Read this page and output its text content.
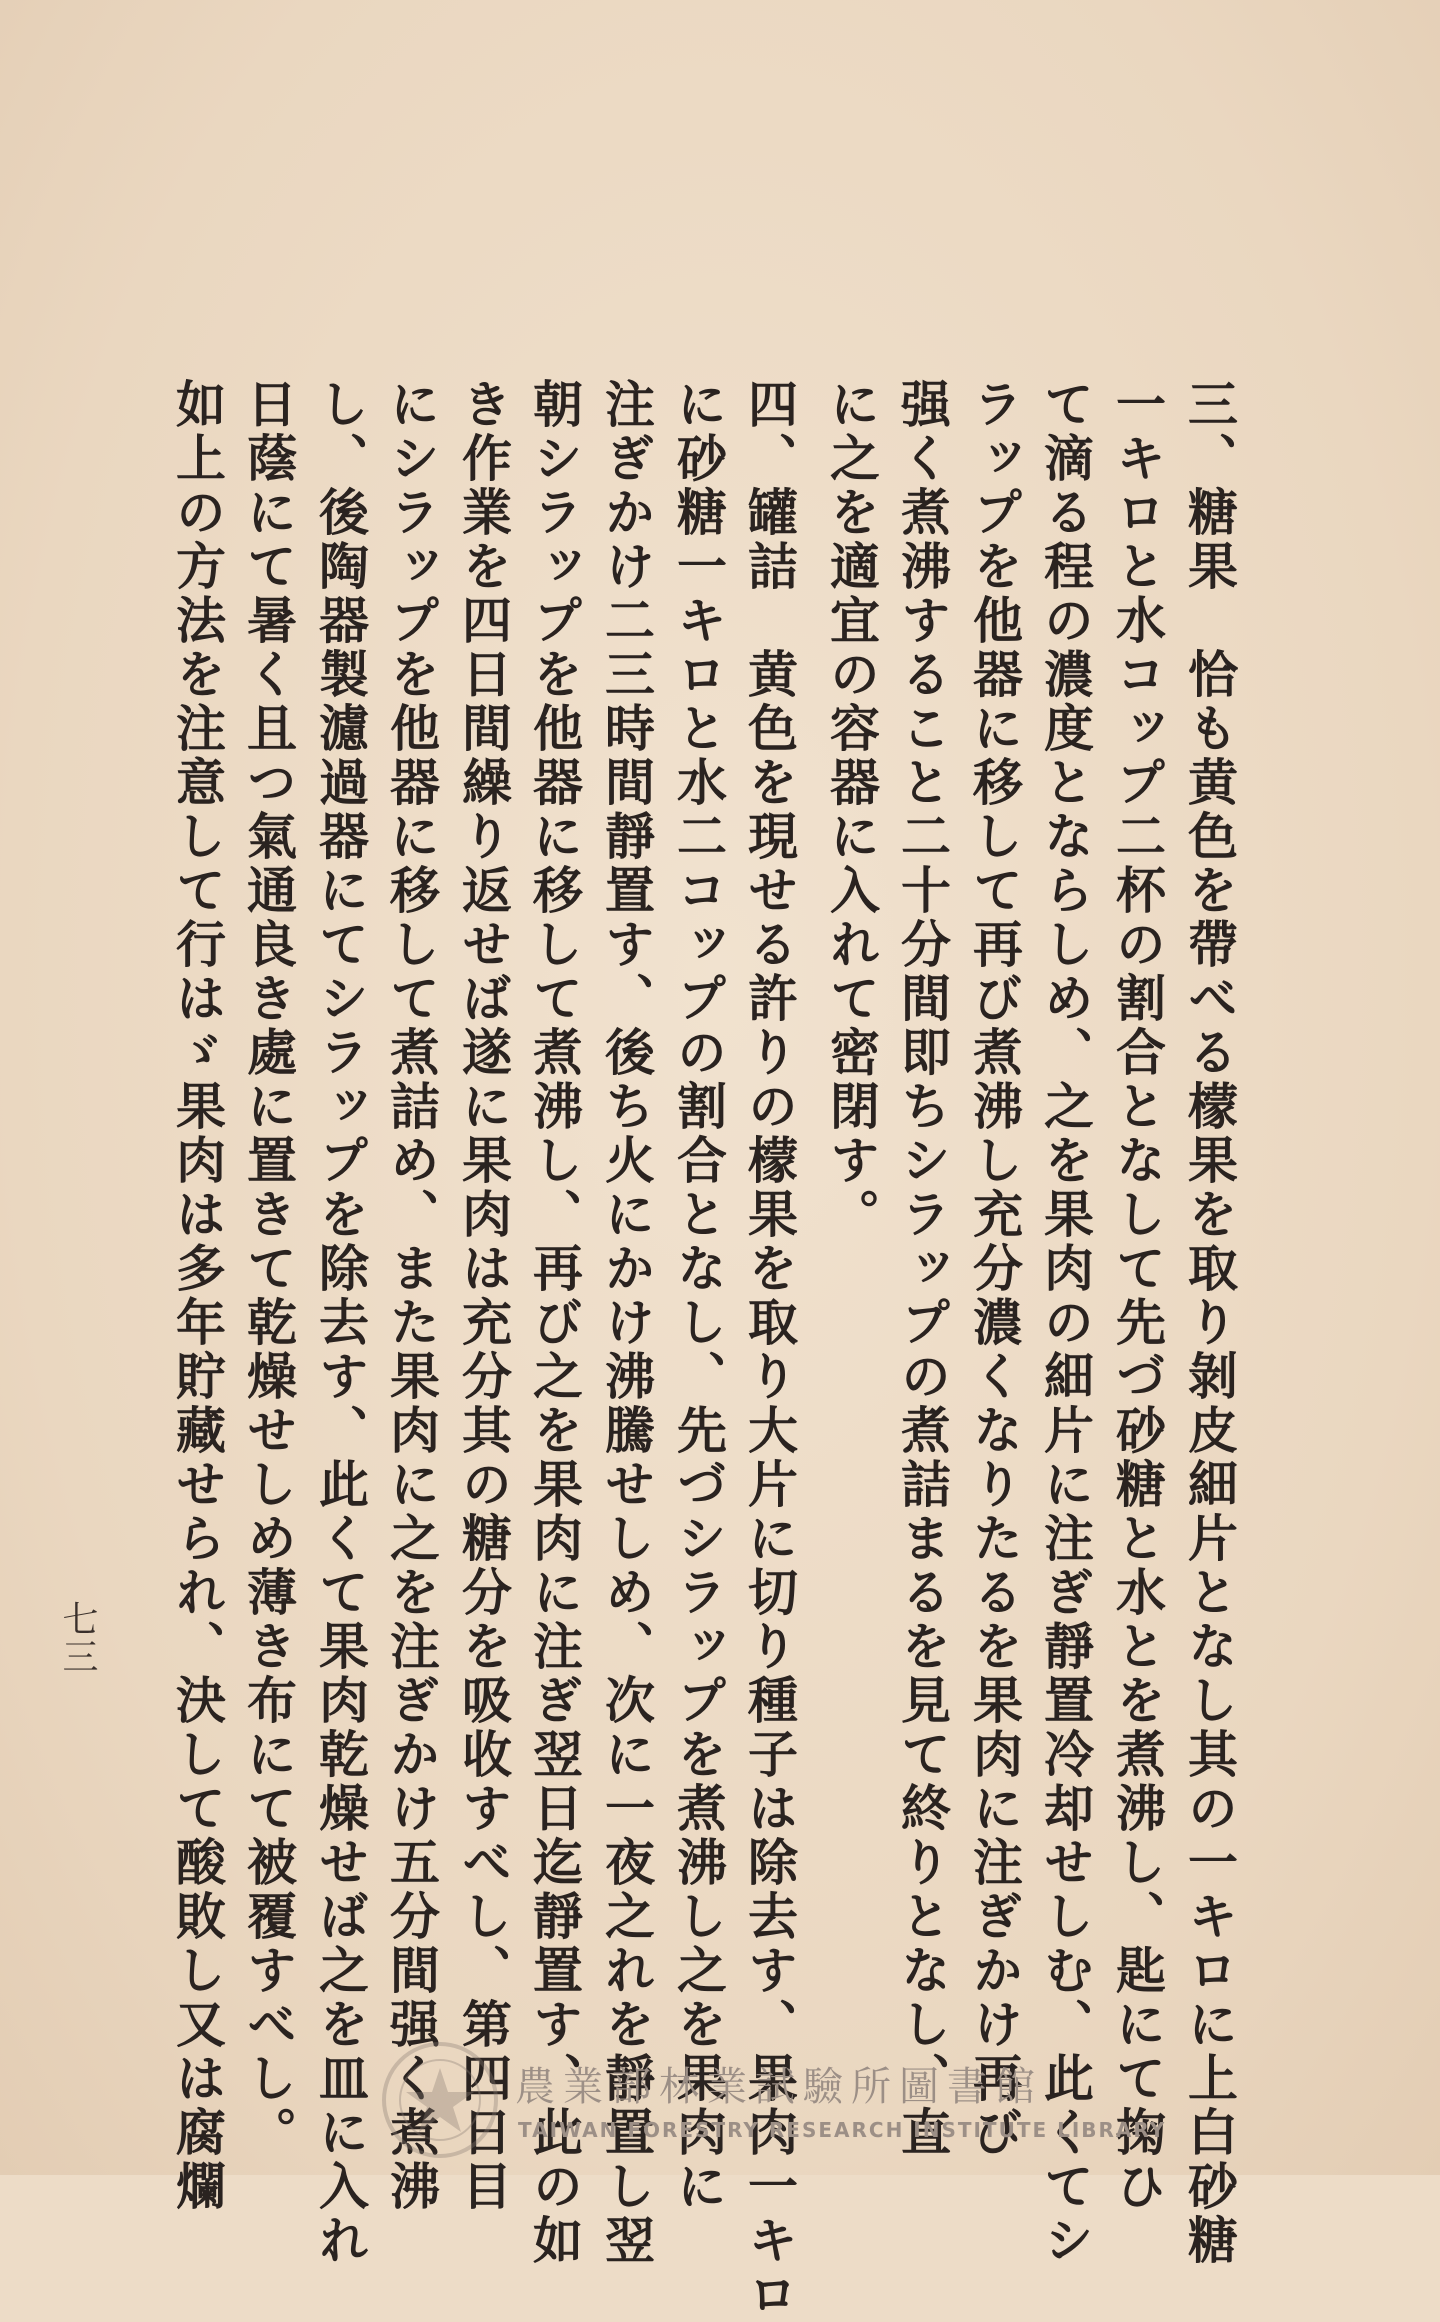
三、糖果　恰も黄色を帶べる檬果を取り剝皮細片となし其の一キロに上白砂糖
一キロと水コップ二杯の割合となして先づ砂糖と水とを煮沸し、匙にて掬ひ
て滴る程の濃度とならしめ、之を果肉の細片に注ぎ靜置冷却せしむ、此くてシ
ラップを他器に移して再び煮沸し充分濃くなりたるを果肉に注ぎかけ再び
强く煮沸すること二十分間即ちシラップの煮詰まるを見て終りとなし、直
に之を適宜の容器に入れて密閉す。
四、罐詰　黄色を現せる許りの檬果を取り大片に切り種子は除去す、果肉一キロ
に砂糖一キロと水二コップの割合となし、先づシラップを煮沸し之を果肉に
注ぎかけ二三時間靜置す、後ち火にかけ沸騰せしめ、次に一夜之れを靜置し翌
朝シラップを他器に移して煮沸し、再び之を果肉に注ぎ翌日迄靜置す、此の如
き作業を四日間繰り返せば遂に果肉は充分其の糖分を吸收すべし、第四日目
にシラップを他器に移して煮詰め、また果肉に之を注ぎかけ五分間强く煮沸
し、後陶器製濾過器にてシラップを除去す、此くて果肉乾燥せば之を皿に入れ
日蔭にて暑く且つ氣通良き處に置きて乾燥せしめ薄き布にて被覆すべし。
如上の方法を注意して行はゞ果肉は多年貯藏せられ、決して酸敗し又は腐爛
七三
農業部林業試驗所圖書館
TAIWAN FORESTRY RESEARCH INSTITUTE LIBRARY
